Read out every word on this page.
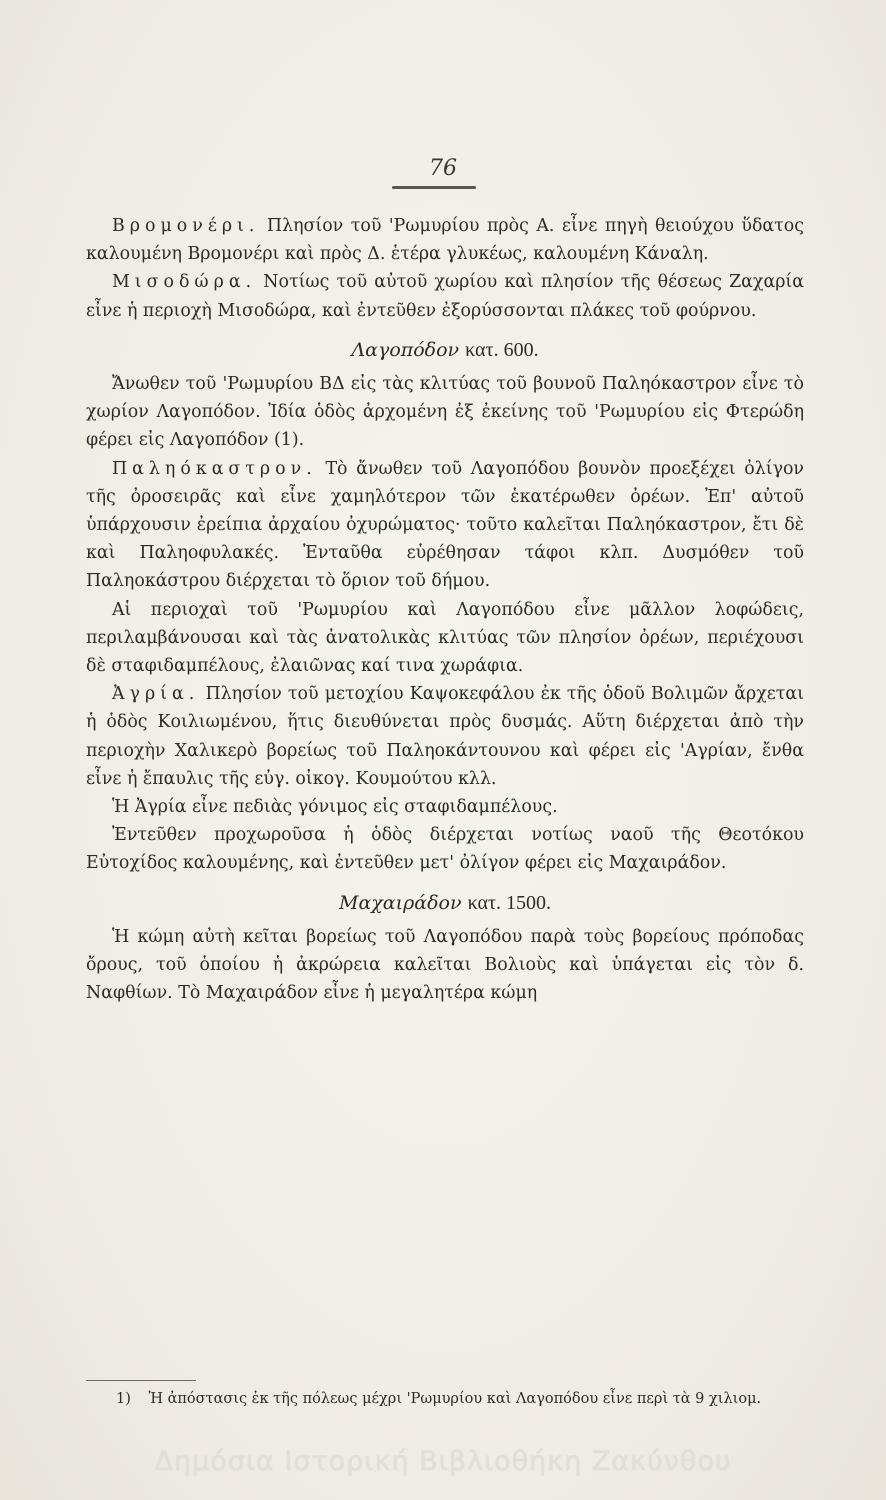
76

Βρομονέρι. Πλησίον τοῦ 'Ρωμυρίου πρὸς Α. εἶνε πηγὴ θειούχου ὕδατος καλουμένη Βρομονέρι καὶ πρὸς Δ. ἑτέρα γλυκέως, καλουμένη Κάναλη.

Μισοδώρα. Νοτίως τοῦ αὐτοῦ χωρίου καὶ πλησίον τῆς θέσεως Ζαχαρία εἶνε ἡ περιοχὴ Μισοδώρα, καὶ ἐντεῦθεν ἐξορύσσονται πλάκες τοῦ φούρνου.

Λαγοπόδον κατ. 600.

Ἄνωθεν τοῦ 'Ρωμυρίου ΒΔ εἰς τὰς κλιτύας τοῦ βουνοῦ Παληόκαστρον εἶνε τὸ χωρίον Λαγοπόδον. Ἰδία ὁδὸς ἀρχομένη ἐξ ἐκείνης τοῦ 'Ρωμυρίου εἰς Φτερώδη φέρει εἰς Λαγοπόδον (1).

Παληόκαστρον. Τὸ ἄνωθεν τοῦ Λαγοπόδου βουνὸν προεξέχει ὀλίγον τῆς ὀροσειρᾶς καὶ εἶνε χαμηλότερον τῶν ἑκατέρωθεν ὀρέων. Ἐπ' αὐτοῦ ὑπάρχουσιν ἐρείπια ἀρχαίου ὀχυρώματος· τοῦτο καλεῖται Παληόκαστρον, ἔτι δὲ καὶ Παληοφυλακές. Ἐνταῦθα εὑρέθησαν τάφοι κλπ. Δυσμόθεν τοῦ Παληοκάστρου διέρχεται τὸ ὅριον τοῦ δήμου.

Αἱ περιοχαὶ τοῦ 'Ρωμυρίου καὶ Λαγοπόδου εἶνε μᾶλλον λοφώδεις, περιλαμβάνουσαι καὶ τὰς ἀνατολικὰς κλιτύας τῶν πλησίον ὀρέων, περιέχουσι δὲ σταφιδαμπέλους, ἐλαιῶνας καί τινα χωράφια.

Ἀγρία. Πλησίον τοῦ μετοχίου Καψοκεφάλου ἐκ τῆς ὁδοῦ Βολιμῶν ἄρχεται ἡ ὁδὸς Κοιλιωμένου, ἥτις διευθύνεται πρὸς δυσμάς. Αὕτη διέρχεται ἀπὸ τὴν περιοχὴν Χαλικερὸ βορείως τοῦ Παληοκάντουνου καὶ φέρει εἰς 'Αγρίαν, ἔνθα εἶνε ἡ ἔπαυλις τῆς εὐγ. οἰκογ. Κουμούτου κλλ.

Ἡ Ἀγρία εἶνε πεδιὰς γόνιμος εἰς σταφιδαμπέλους.

Ἐντεῦθεν προχωροῦσα ἡ ὁδὸς διέρχεται νοτίως ναοῦ τῆς Θεοτόκου Εὐτοχίδος καλουμένης, καὶ ἐντεῦθεν μετ' ὀλίγον φέρει εἰς Μαχαιράδον.

Μαχαιράδον κατ. 1500.

Ἡ κώμη αὐτὴ κεῖται βορείως τοῦ Λαγοπόδου παρὰ τοὺς βορείους πρόποδας ὄρους, τοῦ ὁποίου ἡ ἀκρώρεια καλεῖται Βολιοὺς καὶ ὑπάγεται εἰς τὸν δ. Ναφθίων. Τὸ Μαχαιράδον εἶνε ἡ μεγαλητέρα κώμη

1) Ἡ ἀπόστασις ἐκ τῆς πόλεως μέχρι 'Ρωμυρίου καὶ Λαγοπόδου εἶνε περὶ τὰ 9 χιλιομ.
Δημόσια Ιστορική Βιβλιοθήκη Ζακύνθου
